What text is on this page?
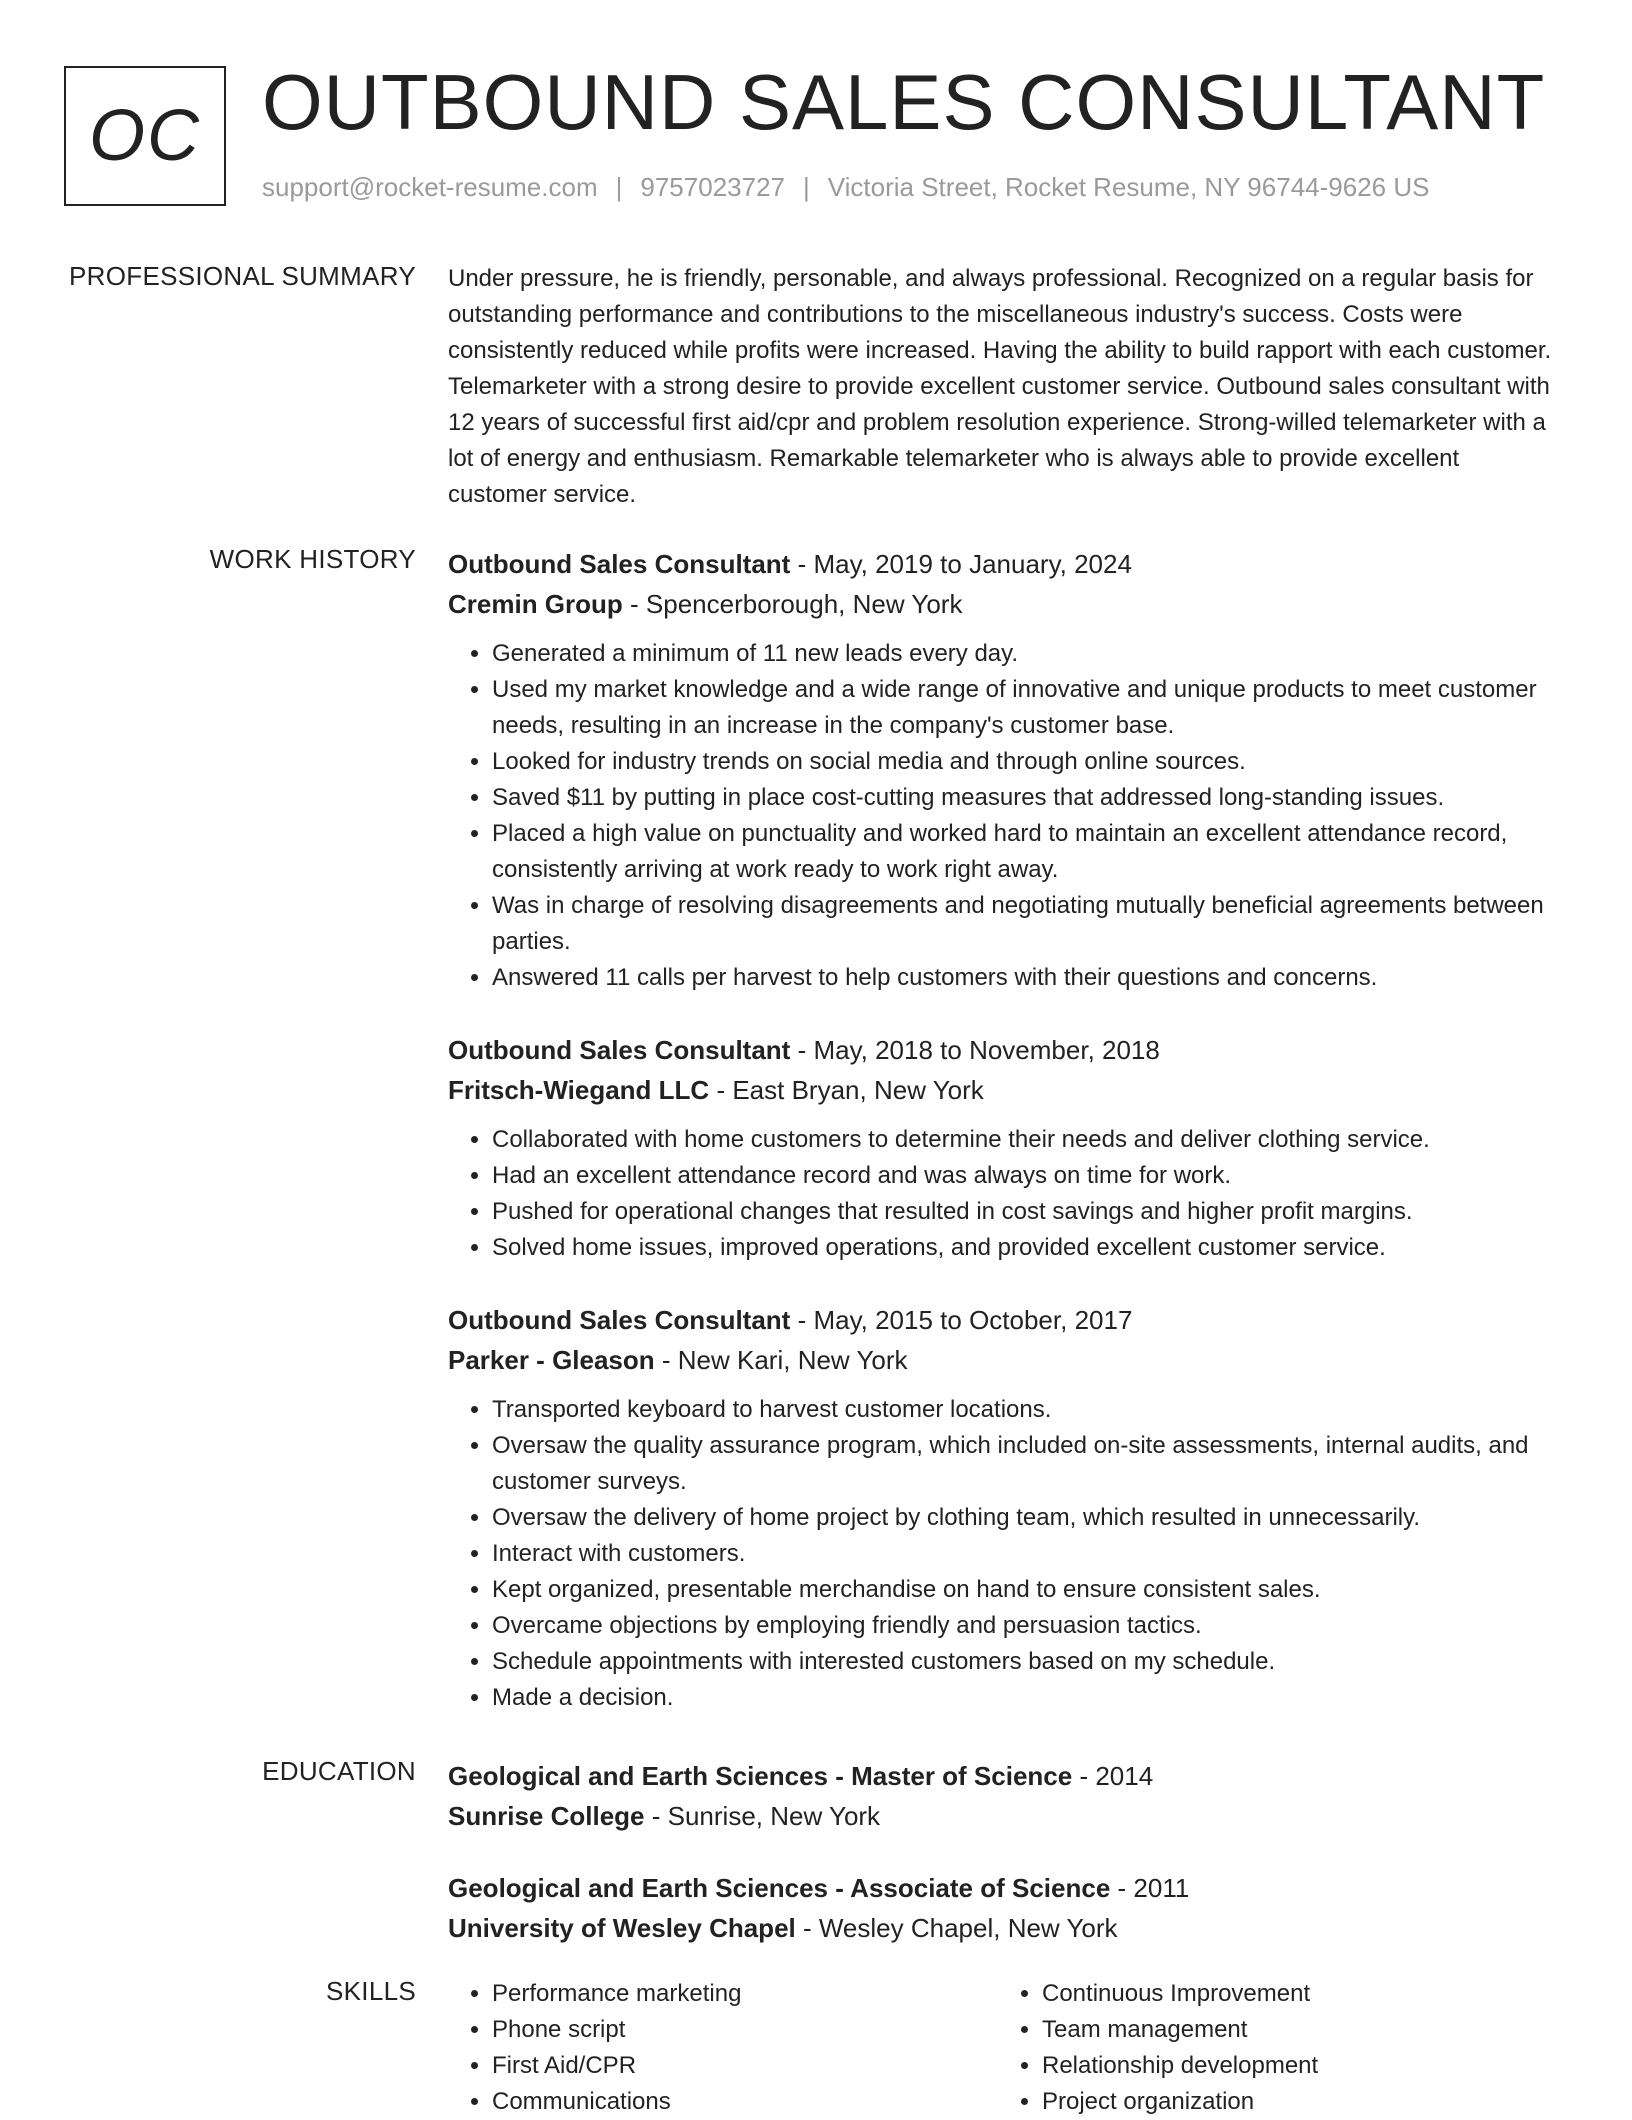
OC OUTBOUND SALES CONSULTANT
support@rocket-resume.com | 9757023727 | Victoria Street, Rocket Resume, NY 96744-9626 US
PROFESSIONAL SUMMARY Under pressure, he is friendly, personable, and always professional. Recognized on a regular basis for outstanding performance and contributions to the miscellaneous industry's success. Costs were consistently reduced while profits were increased. Having the ability to build rapport with each customer. Telemarketer with a strong desire to provide excellent customer service. Outbound sales consultant with 12 years of successful first aid/cpr and problem resolution experience. Strong-willed telemarketer with a lot of energy and enthusiasm. Remarkable telemarketer who is always able to provide excellent customer service.

WORK HISTORY Outbound Sales Consultant - May, 2019 to January, 2024
Cremin Group - Spencerborough, New York
• Generated a minimum of 11 new leads every day.
• Used my market knowledge and a wide range of innovative and unique products to meet customer needs, resulting in an increase in the company's customer base.
• Looked for industry trends on social media and through online sources.
• Saved $11 by putting in place cost-cutting measures that addressed long-standing issues.
• Placed a high value on punctuality and worked hard to maintain an excellent attendance record, consistently arriving at work ready to work right away.
• Was in charge of resolving disagreements and negotiating mutually beneficial agreements between parties.
• Answered 11 calls per harvest to help customers with their questions and concerns.
Outbound Sales Consultant - May, 2018 to November, 2018
Fritsch-Wiegand LLC - East Bryan, New York
• Collaborated with home customers to determine their needs and deliver clothing service.
• Had an excellent attendance record and was always on time for work.
• Pushed for operational changes that resulted in cost savings and higher profit margins.
• Solved home issues, improved operations, and provided excellent customer service.
Outbound Sales Consultant - May, 2015 to October, 2017
Parker - Gleason - New Kari, New York
• Transported keyboard to harvest customer locations.
• Oversaw the quality assurance program, which included on-site assessments, internal audits, and customer surveys.
• Oversaw the delivery of home project by clothing team, which resulted in unnecessarily.
• Interact with customers.
• Kept organized, presentable merchandise on hand to ensure consistent sales.
• Overcame objections by employing friendly and persuasion tactics.
• Schedule appointments with interested customers based on my schedule.
• Made a decision.
EDUCATION Geological and Earth Sciences - Master of Science - 2014
Sunrise College - Sunrise, New York
Geological and Earth Sciences - Associate of Science - 2011
University of Wesley Chapel - Wesley Chapel, New York
SKILLS
•	Performance marketing
• Phone script
• First Aid/CPR
• Communications
• Continuous Improvement
• Team management
• Relationship development
• Project organization
